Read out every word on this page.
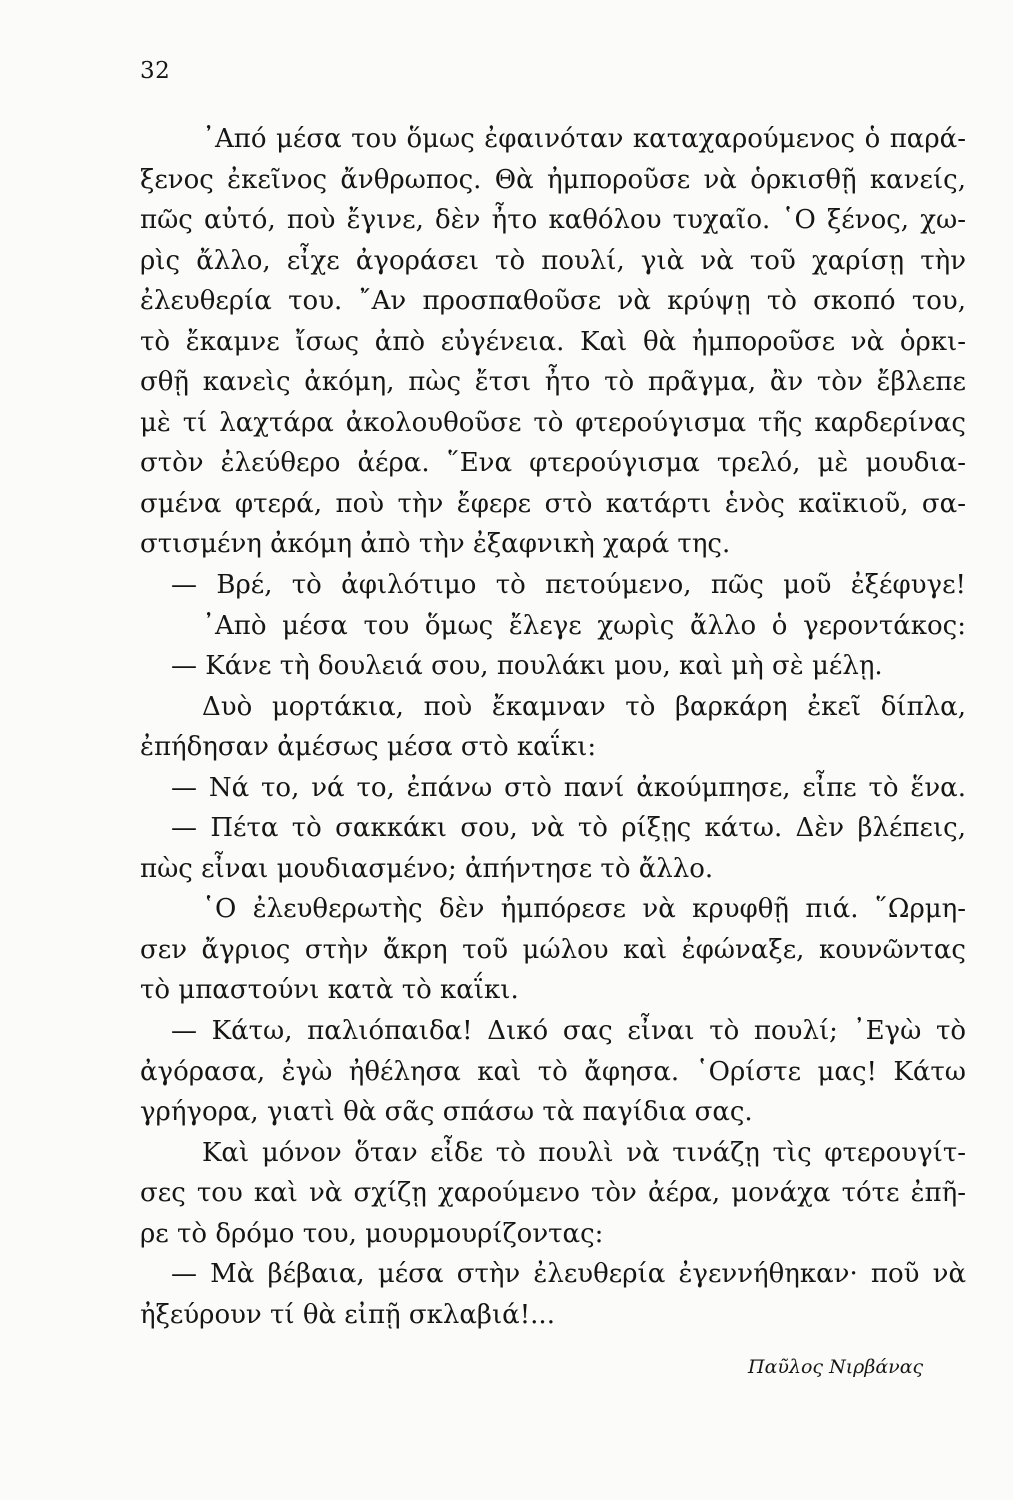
32
᾿Από μέσα του ὅμως ἐφαινόταν καταχαρούμενος ὁ παρά-
ξενος ἐκεῖνος ἄνθρωπος. Θὰ ἠμποροῦσε νὰ ὁρκισθῇ κανείς,
πῶς αὐτό, ποὺ ἔγινε, δὲν ἦτο καθόλου τυχαῖο. ῾Ο ξένος, χω-
ρὶς ἄλλο, εἶχε ἀγοράσει τὸ πουλί, γιὰ νὰ τοῦ χαρίσῃ τὴν
ἐλευθερία του. ῎Αν προσπαθοῦσε νὰ κρύψῃ τὸ σκοπό του,
τὸ ἔκαμνε ἴσως ἀπὸ εὐγένεια. Καὶ θὰ ἠμποροῦσε νὰ ὁρκι-
σθῇ κανεὶς ἀκόμη, πὼς ἔτσι ἦτο τὸ πρᾶγμα, ἂν τὸν ἔβλεπε
μὲ τί λαχτάρα ἀκολουθοῦσε τὸ φτερούγισμα τῆς καρδερίνας
στὸν ἐλεύθερο ἀέρα. ῞Ενα φτερούγισμα τρελό, μὲ μουδια-
σμένα φτερά, ποὺ τὴν ἔφερε στὸ κατάρτι ἑνὸς καϊκιοῦ, σα-
στισμένη ἀκόμη ἀπὸ τὴν ἐξαφνικὴ χαρά της.
— Βρέ, τὸ ἀφιλότιμο τὸ πετούμενο, πῶς μοῦ ἐξέφυγε!
᾿Απὸ μέσα του ὅμως ἔλεγε χωρὶς ἄλλο ὁ γεροντάκος:
— Κάνε τὴ δουλειά σου, πουλάκι μου, καὶ μὴ σὲ μέλῃ.
Δυὸ μορτάκια, ποὺ ἔκαμναν τὸ βαρκάρη ἐκεῖ δίπλα,
ἐπήδησαν ἀμέσως μέσα στὸ καΐκι:
— Νά το, νά το, ἐπάνω στὸ πανί ἀκούμπησε, εἶπε τὸ ἕνα.
— Πέτα τὸ σακκάκι σου, νὰ τὸ ρίξῃς κάτω. Δὲν βλέπεις,
πὼς εἶναι μουδιασμένο; ἀπήντησε τὸ ἄλλο.
῾Ο ἐλευθερωτὴς δὲν ἠμπόρεσε νὰ κρυφθῇ πιά. ῞Ωρμη-
σεν ἄγριος στὴν ἄκρη τοῦ μώλου καὶ ἐφώναξε, κουνῶντας
τὸ μπαστούνι κατὰ τὸ καΐκι.
— Κάτω, παλιόπαιδα! Δικό σας εἶναι τὸ πουλί; ᾿Εγὼ τὸ
ἀγόρασα, ἐγὼ ἠθέλησα καὶ τὸ ἄφησα. ῾Ορίστε μας! Κάτω
γρήγορα, γιατὶ θὰ σᾶς σπάσω τὰ παγίδια σας.
Καὶ μόνον ὅταν εἶδε τὸ πουλὶ νὰ τινάζῃ τὶς φτερουγίτ-
σες του καὶ νὰ σχίζῃ χαρούμενο τὸν ἀέρα, μονάχα τότε ἐπῆ-
ρε τὸ δρόμο του, μουρμουρίζοντας:
— Μὰ βέβαια, μέσα στὴν ἐλευθερία ἐγεννήθηκαν· ποῦ νὰ
ἠξεύρουν τί θὰ εἰπῇ σκλαβιά!...
Παῦλος Νιρβάνας
